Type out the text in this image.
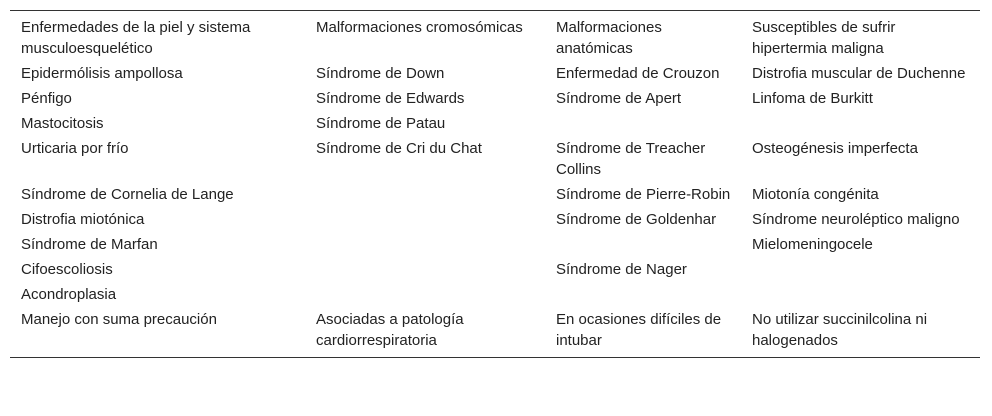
Enfermedades de la piel y sistema musculoesquelético	Malformaciones cromosómicas	Malformaciones anatómicas	Susceptibles de sufrir hipertermia maligna
Epidermólisis ampollosa	Síndrome de Down	Enfermedad de Crouzon	Distrofia muscular de Duchenne
Pénfigo	Síndrome de Edwards	Síndrome de Apert	Linfoma de Burkitt
Mastocitosis	Síndrome de Patau		
Urticaria por frío	Síndrome de Cri du Chat	Síndrome de Treacher Collins	Osteogénesis imperfecta
Síndrome de Cornelia de Lange		Síndrome de Pierre-Robin	Miotonía congénita
Distrofia miotónica		Síndrome de Goldenhar	Síndrome neuroléptico maligno
Síndrome de Marfan			Mielomeningocele
Cifoescoliosis		Síndrome de Nager	
Acondroplasia			
Manejo con suma precaución	Asociadas a patología cardiorrespiratoria	En ocasiones difíciles de intubar	No utilizar succinilcolina ni halogenados
